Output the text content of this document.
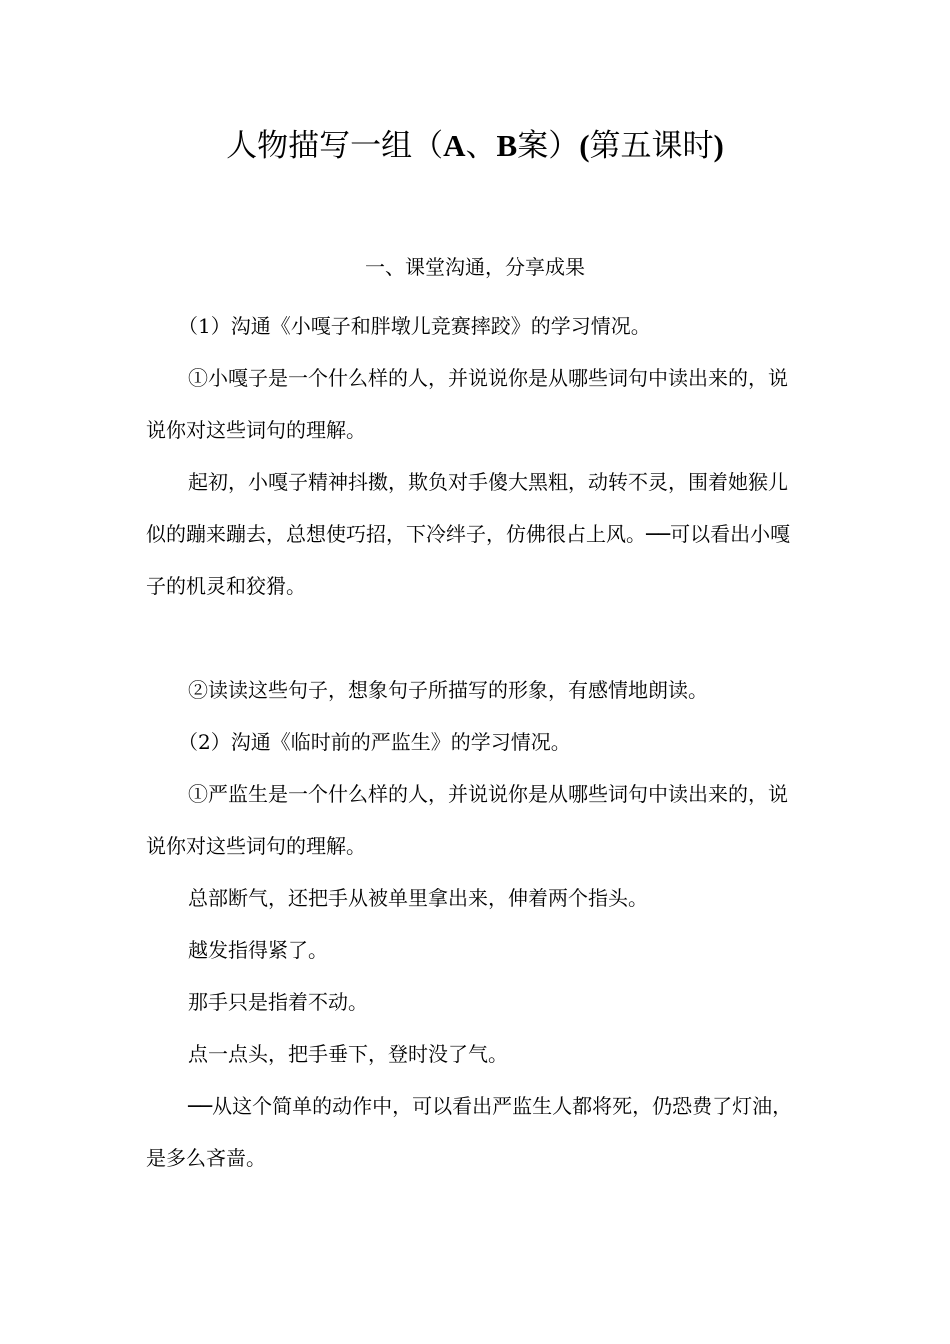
人物描写一组（A、B案）(第五课时)
一、课堂沟通，分享成果

（1）沟通《小嘎子和胖墩儿竞赛摔跤》的学习情况。

①小嘎子是一个什么样的人，并说说你是从哪些词句中读出来的，说说你对这些词句的理解。

起初，小嘎子精神抖擞，欺负对手傻大黑粗，动转不灵，围着她猴儿似的蹦来蹦去，总想使巧招，下冷绊子，仿佛很占上风。──可以看出小嘎子的机灵和狡猾。

②读读这些句子，想象句子所描写的形象，有感情地朗读。

（2）沟通《临时前的严监生》的学习情况。

①严监生是一个什么样的人，并说说你是从哪些词句中读出来的，说说你对这些词句的理解。

总部断气，还把手从被单里拿出来，伸着两个指头。

越发指得紧了。

那手只是指着不动。

点一点头，把手垂下，登时没了气。

──从这个简单的动作中，可以看出严监生人都将死，仍恐费了灯油，是多么吝啬。
